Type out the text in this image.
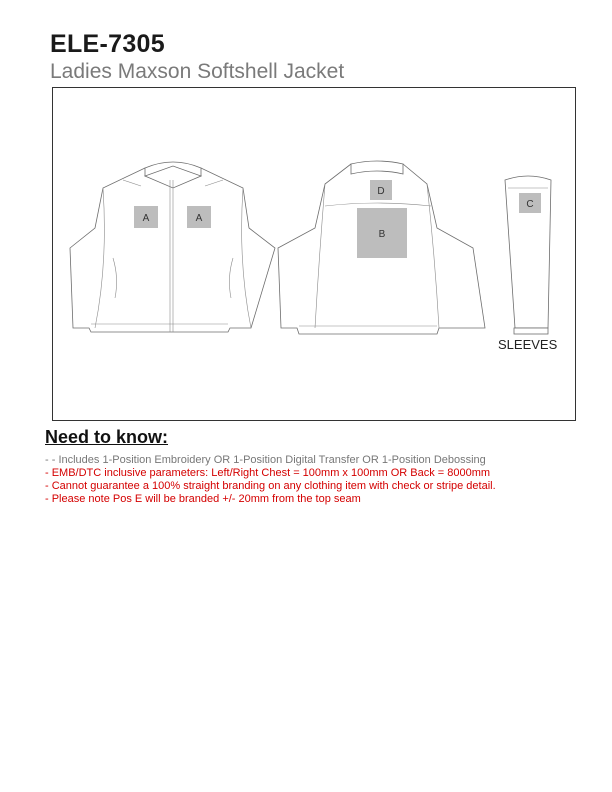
ELE-7305
Ladies Maxson Softshell Jacket
A	A
D
B
C
SLEEVES
Need to know:
- - Includes 1-Position Embroidery OR 1-Position Digital Transfer OR 1-Position Debossing
- EMB/DTC inclusive parameters: Left/Right Chest = 100mm x 100mm OR Back = 8000mm
- Cannot guarantee a 100% straight branding on any clothing item with check or stripe detail.
- Please note Pos E will be branded +/- 20mm from the top seam
